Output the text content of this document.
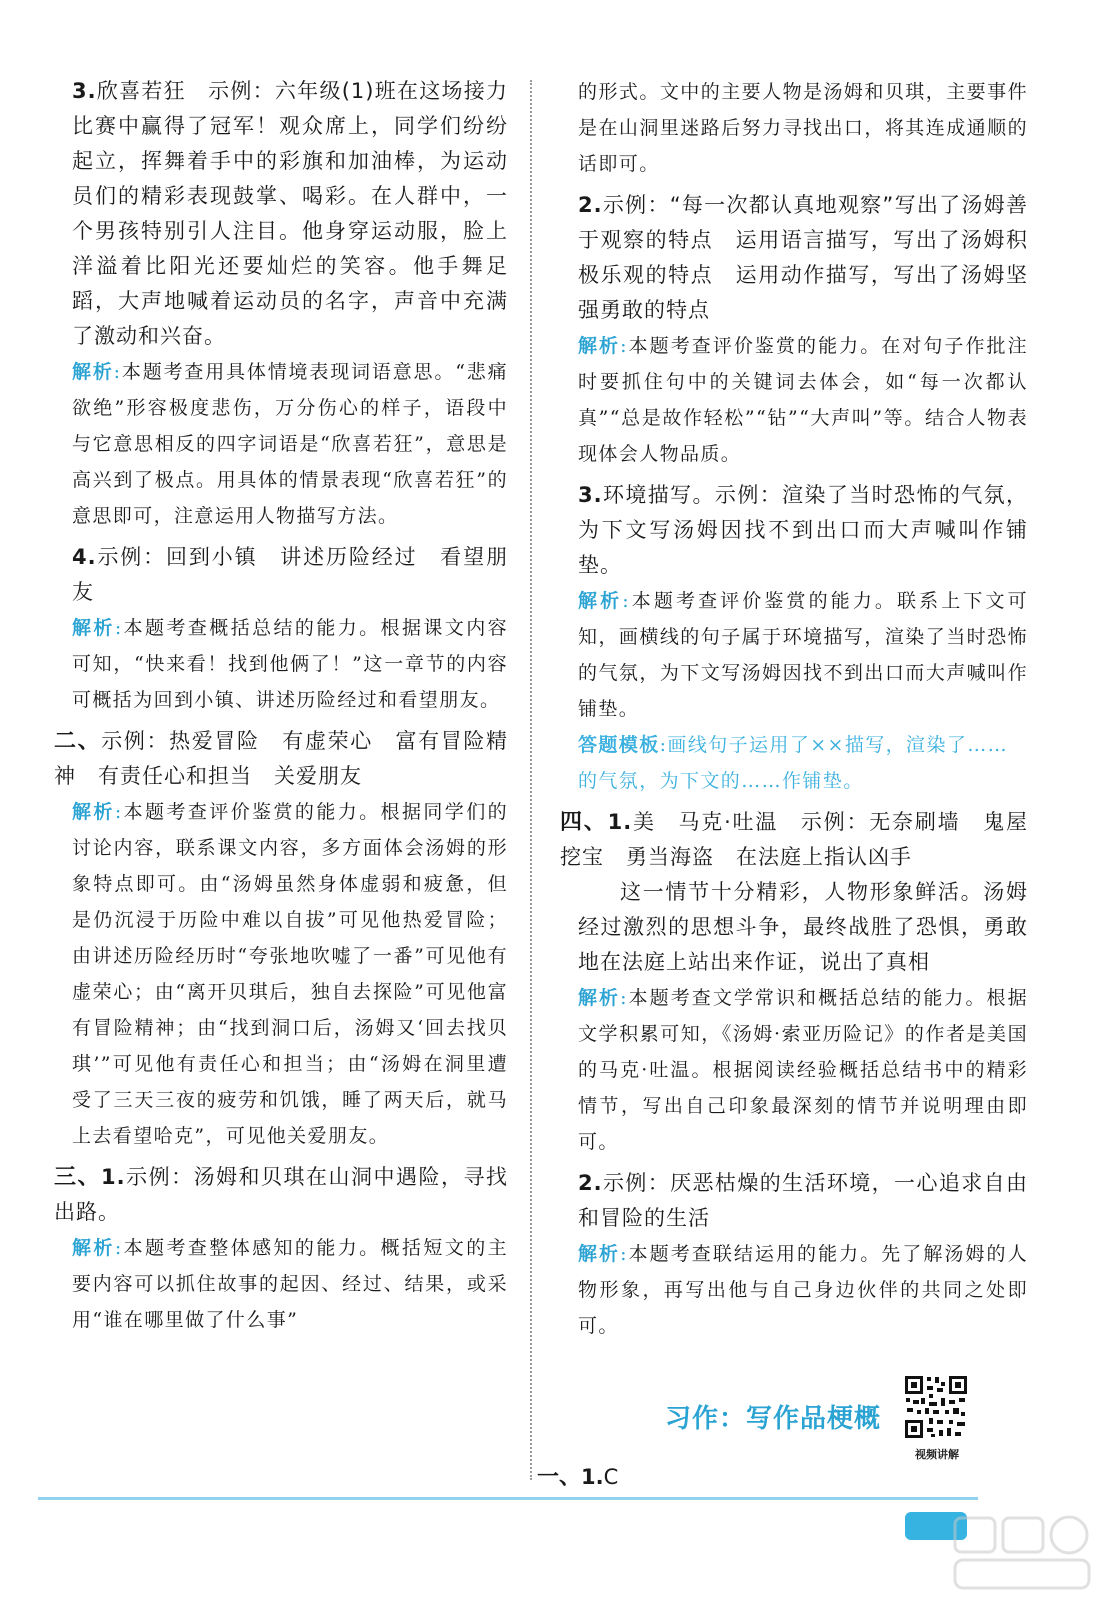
3.欣喜若狂　示例：六年级(1)班在这场接力比赛中赢得了冠军！观众席上，同学们纷纷起立，挥舞着手中的彩旗和加油棒，为运动员们的精彩表现鼓掌、喝彩。在人群中，一个男孩特别引人注目。他身穿运动服，脸上洋溢着比阳光还要灿烂的笑容。他手舞足蹈，大声地喊着运动员的名字，声音中充满了激动和兴奋。

解析:本题考查用具体情境表现词语意思。“悲痛欲绝”形容极度悲伤，万分伤心的样子，语段中与它意思相反的四字词语是“欣喜若狂”，意思是高兴到了极点。用具体的情景表现“欣喜若狂”的意思即可，注意运用人物描写方法。

4.示例：回到小镇　讲述历险经过　看望朋友

解析:本题考查概括总结的能力。根据课文内容可知，“快来看！找到他俩了！”这一章节的内容可概括为回到小镇、讲述历险经过和看望朋友。

二、示例：热爱冒险　有虚荣心　富有冒险精神　有责任心和担当　关爱朋友

解析:本题考查评价鉴赏的能力。根据同学们的讨论内容，联系课文内容，多方面体会汤姆的形象特点即可。由“汤姆虽然身体虚弱和疲惫，但是仍沉浸于历险中难以自拔”可见他热爱冒险；由讲述历险经历时“夸张地吹嘘了一番”可见他有虚荣心；由“离开贝琪后，独自去探险”可见他富有冒险精神；由“找到洞口后，汤姆又‘回去找贝琪’”可见他有责任心和担当；由“汤姆在洞里遭受了三天三夜的疲劳和饥饿，睡了两天后，就马上去看望哈克”，可见他关爱朋友。

三、1.示例：汤姆和贝琪在山洞中遇险，寻找出路。

解析:本题考查整体感知的能力。概括短文的主要内容可以抓住故事的起因、经过、结果，或采用“谁在哪里做了什么事”

的形式。文中的主要人物是汤姆和贝琪，主要事件是在山洞里迷路后努力寻找出口，将其连成通顺的话即可。

2.示例：“每一次都认真地观察”写出了汤姆善于观察的特点　运用语言描写，写出了汤姆积极乐观的特点　运用动作描写，写出了汤姆坚强勇敢的特点

解析:本题考查评价鉴赏的能力。在对句子作批注时要抓住句中的关键词去体会，如“每一次都认真”“总是故作轻松”“钻”“大声叫”等。结合人物表现体会人物品质。

3.环境描写。示例：渲染了当时恐怖的气氛，为下文写汤姆因找不到出口而大声喊叫作铺垫。

解析:本题考查评价鉴赏的能力。联系上下文可知，画横线的句子属于环境描写，渲染了当时恐怖的气氛，为下文写汤姆因找不到出口而大声喊叫作铺垫。

答题模板:画线句子运用了××描写，渲染了……的气氛，为下文的……作铺垫。

四、1.美　马克·吐温　示例：无奈刷墙　鬼屋挖宝　勇当海盗　在法庭上指认凶手

这一情节十分精彩，人物形象鲜活。汤姆经过激烈的思想斗争，最终战胜了恐惧，勇敢地在法庭上站出来作证，说出了真相

解析:本题考查文学常识和概括总结的能力。根据文学积累可知，《汤姆·索亚历险记》的作者是美国的马克·吐温。根据阅读经验概括总结书中的精彩情节，写出自己印象最深刻的情节并说明理由即可。

2.示例：厌恶枯燥的生活环境，一心追求自由和冒险的生活

解析:本题考查联结运用的能力。先了解汤姆的人物形象，再写出他与自己身边伙伴的共同之处即可。

习作：写作品梗概
视频讲解
一、1.C
